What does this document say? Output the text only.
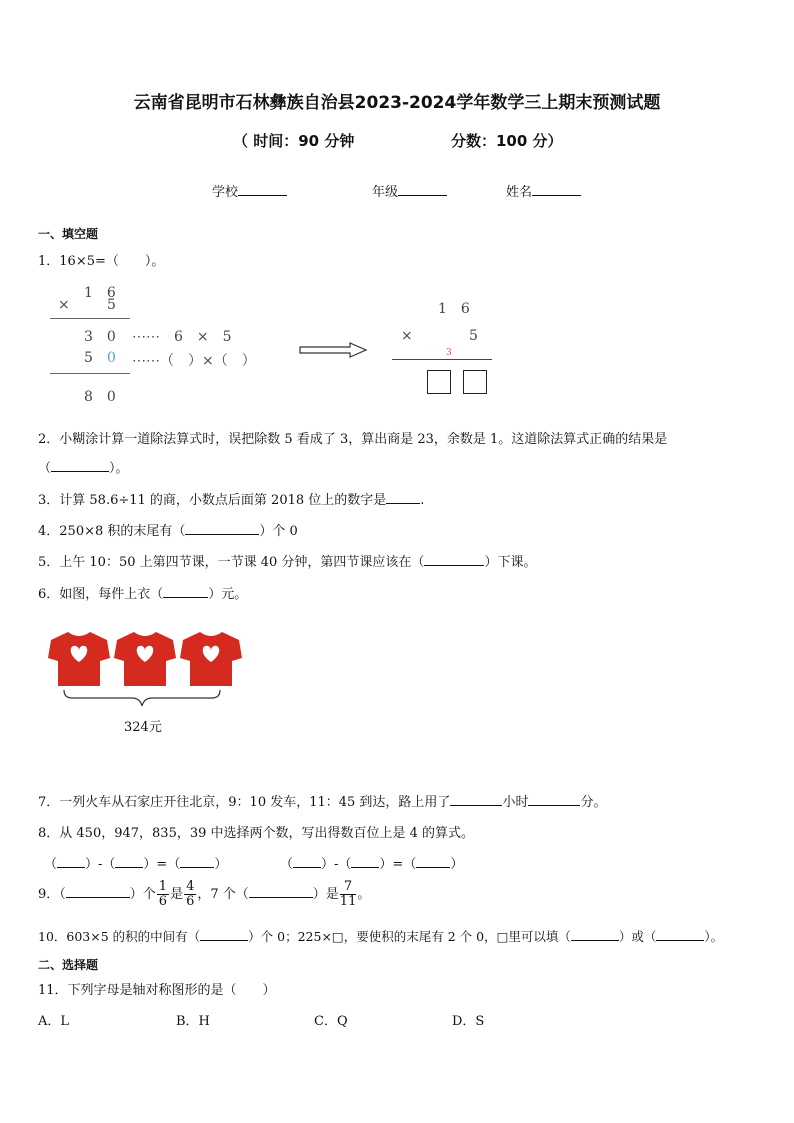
云南省昆明市石林彝族自治县2023-2024学年数学三上期末预测试题
（ 时间：90 分钟	分数：100 分）
学校	年级	姓名
一、填空题
1．16×5=（　　）。
1　6
×	5
3　0 ⋯⋯　6　×　5
5 0 ⋯⋯（　）×（　）
8　0
1　6
×	5
3
2．小糊涂计算一道除法算式时，误把除数 5 看成了 3，算出商是 23，余数是 1。这道除法算式正确的结果是
（	）。
3．计算 58.6÷11 的商，小数点后面第 2018 位上的数字是	.
4．250×8 积的末尾有（	）个 0
5．上午 10：50 上第四节课，一节课 40 分钟，第四节课应该在（	）下课。
6．如图，每件上衣（	）元。
324元
7．一列火车从石家庄开往北京，9：10 发车，11：45 到达，路上用了	小时	分。
8．从 450，947，835，39 中选择两个数，写出得数百位上是 4 的算式。
（ ）-（ ）=（	）	（ ）-（ ）=（	）
9．（	）个 $\frac{1}{6}$ 是 $\frac{4}{6}$ ，7 个（	）是 $\frac{7}{11}$ 。
10．603×5 的积的中间有（	）个 0；225×□，要使积的末尾有 2 个 0，□里可以填（	）或（	）。
二、选择题
11．下列字母是轴对称图形的是（　　）
A．L	B．H	C．Q	D．S
